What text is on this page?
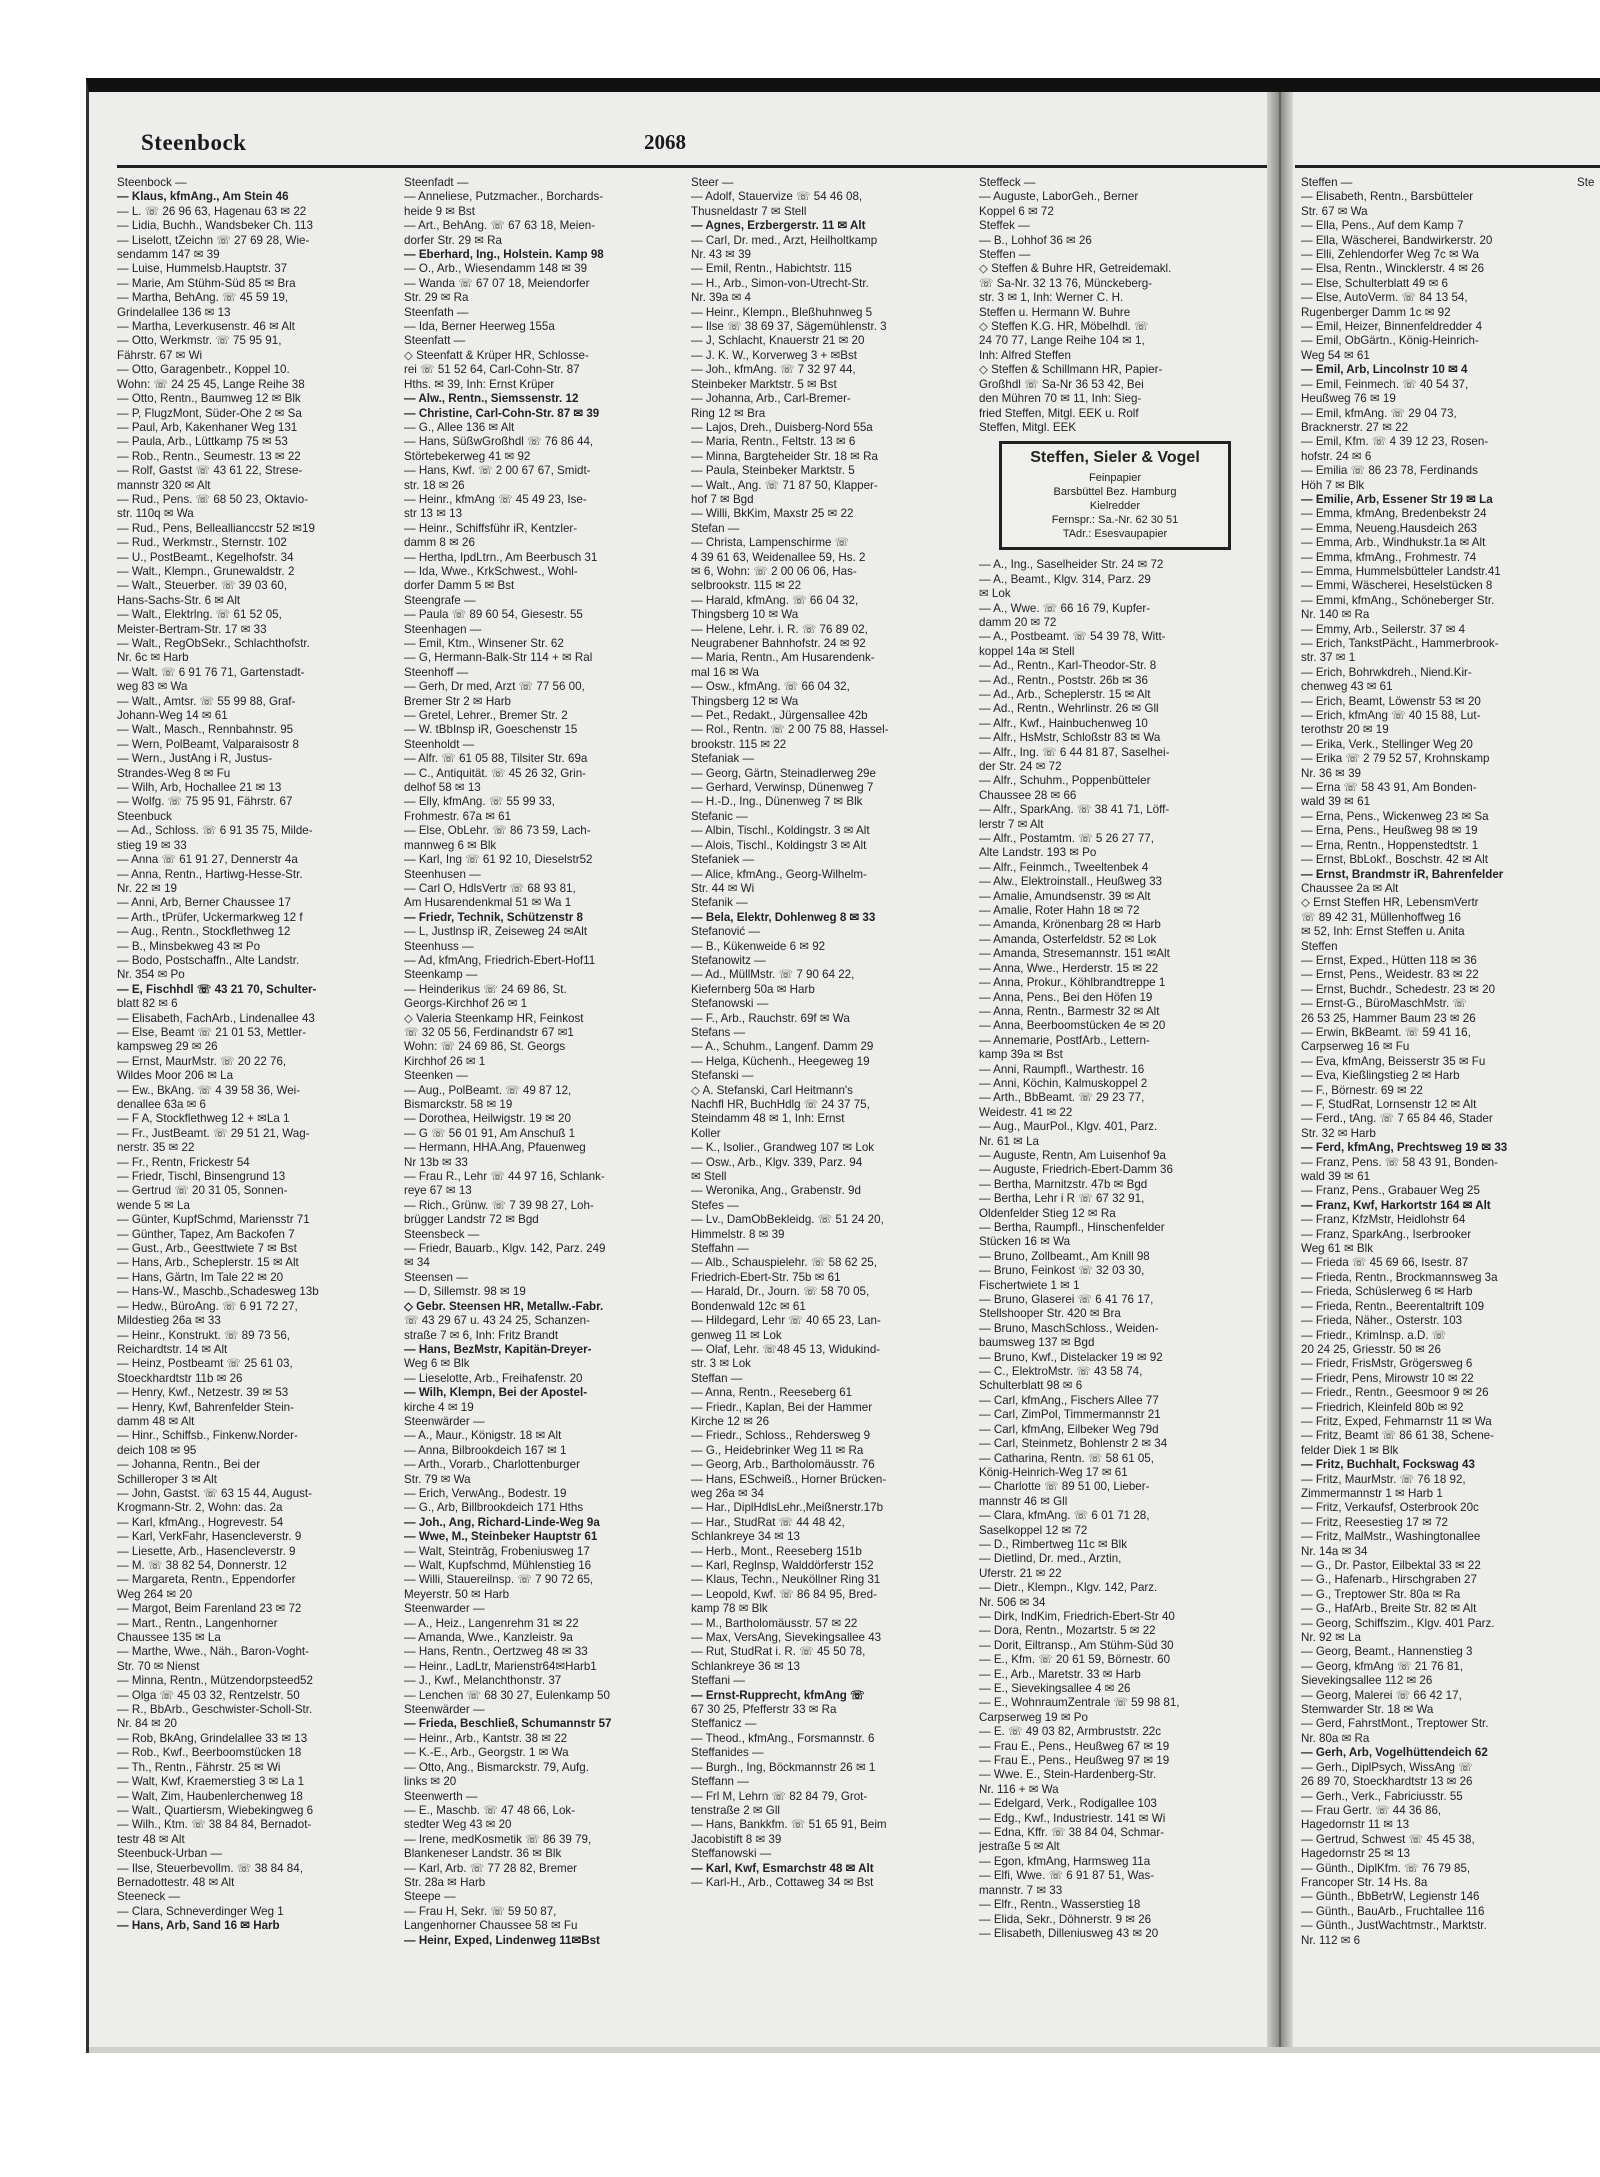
Steenbock	2068
Steenbock —
— Klaus, kfmAng., Am Stein 46
— L. ☏ 26 96 63, Hagenau 63 ✉ 22
— Lidia, Buchh., Wandsbeker Ch. 113
— Liselott, tZeichn ☏ 27 69 28, Wie-
sendamm 147 ✉ 39
— Luise, Hummelsb.Hauptstr. 37
— Marie, Am Stühm-Süd 85 ✉ Bra
— Martha, BehAng. ☏ 45 59 19,
Grindelallee 136 ✉ 13
— Martha, Leverkusenstr. 46 ✉ Alt
— Otto, Werkmstr. ☏ 75 95 91,
Fährstr. 67 ✉ Wi
— Otto, Garagenbetr., Koppel 10.
Wohn: ☏ 24 25 45, Lange Reihe 38
— Otto, Rentn., Baumweg 12 ✉ Blk
— P, FlugzMont, Süder-Ohe 2 ✉ Sa
— Paul, Arb, Kakenhaner Weg 131
— Paula, Arb., Lüttkamp 75 ✉ 53
— Rob., Rentn., Seumestr. 13 ✉ 22
— Rolf, Gastst ☏ 43 61 22, Strese-
mannstr 320 ✉ Alt
— Rud., Pens. ☏ 68 50 23, Oktavio-
str. 110q ✉ Wa
— Rud., Pens, Belleallianccstr 52 ✉19
— Rud., Werkmstr., Sternstr. 102
— U., PostBeamt., Kegelhofstr. 34
— Walt., Klempn., Grunewaldstr. 2
— Walt., Steuerber. ☏ 39 03 60,
Hans-Sachs-Str. 6 ✉ Alt
— Walt., Elektrlng. ☏ 61 52 05,
Meister-Bertram-Str. 17 ✉ 33
— Walt., RegObSekr., Schlachthofstr.
Nr. 6c ✉ Harb
— Walt. ☏ 6 91 76 71, Gartenstadt-
weg 83 ✉ Wa
— Walt., Amtsr. ☏ 55 99 88, Graf-
Johann-Weg 14 ✉ 61
— Walt., Masch., Rennbahnstr. 95
— Wern, PolBeamt, Valparaisostr 8
— Wern., JustAng i R, Justus-
Strandes-Weg 8 ✉ Fu
— Wilh, Arb, Hochallee 21 ✉ 13
— Wolfg. ☏ 75 95 91, Fährstr. 67
Steenbuck
— Ad., Schloss. ☏ 6 91 35 75, Milde-
stieg 19 ✉ 33
— Anna ☏ 61 91 27, Dennerstr 4a
— Anna, Rentn., Hartiwg-Hesse-Str.
Nr. 22 ✉ 19
— Anni, Arb, Berner Chaussee 17
— Arth., tPrüfer, Uckermarkweg 12 f
— Aug., Rentn., Stockflethweg 12
— B., Minsbekweg 43 ✉ Po
— Bodo, Postschaffn., Alte Landstr.
Nr. 354 ✉ Po
— E, Fischhdl ☏ 43 21 70, Schulter-
blatt 82 ✉ 6
— Elisabeth, FachArb., Lindenallee 43
— Else, Beamt ☏ 21 01 53, Mettler-
kampsweg 29 ✉ 26
— Ernst, MaurMstr. ☏ 20 22 76,
Wildes Moor 206 ✉ La
— Ew., BkAng. ☏ 4 39 58 36, Wei-
denallee 63a ✉ 6
— F A, Stockflethweg 12 + ✉La 1
— Fr., JustBeamt. ☏ 29 51 21, Wag-
nerstr. 35 ✉ 22
— Fr., Rentn, Frickestr 54
— Friedr, Tischl, Binsengrund 13
— Gertrud ☏ 20 31 05, Sonnen-
wende 5 ✉ La
— Günter, KupfSchmd, Mariensstr 71
— Günther, Tapez, Am Backofen 7
— Gust., Arb., Geesttwiete 7 ✉ Bst
— Hans, Arb., Scheplerstr. 15 ✉ Alt
— Hans, Gärtn, Im Tale 22 ✉ 20
— Hans-W., Maschb.,Schadesweg 13b
— Hedw., BüroAng. ☏ 6 91 72 27,
Mildestieg 26a ✉ 33
— Heinr., Konstrukt. ☏ 89 73 56,
Reichardtstr. 14 ✉ Alt
— Heinz, Postbeamt ☏ 25 61 03,
Stoeckhardtstr 11b ✉ 26
— Henry, Kwf., Netzestr. 39 ✉ 53
— Henry, Kwf, Bahrenfelder Stein-
damm 48 ✉ Alt
— Hinr., Schiffsb., Finkenw.Norder-
deich 108 ✉ 95
— Johanna, Rentn., Bei der
Schilleroper 3 ✉ Alt
— John, Gastst. ☏ 63 15 44, August-
Krogmann-Str. 2, Wohn: das. 2a
— Karl, kfmAng., Hogrevestr. 54
— Karl, VerkFahr, Hasencleverstr. 9
— Liesette, Arb., Hasencleverstr. 9
— M. ☏ 38 82 54, Donnerstr. 12
— Margareta, Rentn., Eppendorfer
Weg 264 ✉ 20
— Margot, Beim Farenland 23 ✉ 72
— Mart., Rentn., Langenhorner
Chaussee 135 ✉ La
— Marthe, Wwe., Näh., Baron-Voght-
Str. 70 ✉ Nienst
— Minna, Rentn., Mützendorpsteed52
— Olga ☏ 45 03 32, Rentzelstr. 50
— R., BbArb., Geschwister-Scholl-Str.
Nr. 84 ✉ 20
— Rob, BkAng, Grindelallee 33 ✉ 13
— Rob., Kwf., Beerboomstücken 18
— Th., Rentn., Fährstr. 25 ✉ Wi
— Walt, Kwf, Kraemerstieg 3 ✉ La 1
— Walt, Zim, Haubenlerchenweg 18
— Walt., Quartiersm, Wiebekingweg 6
— Wilh., Ktm. ☏ 38 84 84, Bernadot-
testr 48 ✉ Alt
Steenbuck-Urban —
— Ilse, Steuerbevollm. ☏ 38 84 84,
Bernadottestr. 48 ✉ Alt
Steeneck —
— Clara, Schneverdinger Weg 1
— Hans, Arb, Sand 16 ✉ Harb
Steenfadt —
— Anneliese, Putzmacher., Borchards-
heide 9 ✉ Bst
— Art., BehAng. ☏ 67 63 18, Meien-
dorfer Str. 29 ✉ Ra
— Eberhard, Ing., Holstein. Kamp 98
— O., Arb., Wiesendamm 148 ✉ 39
— Wanda ☏ 67 07 18, Meiendorfer
Str. 29 ✉ Ra
Steenfath —
— Ida, Berner Heerweg 155a
Steenfatt —
◇ Steenfatt & Krüper HR, Schlosse-
rei ☏ 51 52 64, Carl-Cohn-Str. 87
Hths. ✉ 39, Inh: Ernst Krüper
— Alw., Rentn., Siemssenstr. 12
— Christine, Carl-Cohn-Str. 87 ✉ 39
— G., Allee 136 ✉ Alt
— Hans, SüßwGroßhdl ☏ 76 86 44,
Störtebekerweg 41 ✉ 92
— Hans, Kwf. ☏ 2 00 67 67, Smidt-
str. 18 ✉ 26
— Heinr., kfmAng ☏ 45 49 23, Ise-
str 13 ✉ 13
— Heinr., Schiffsführ iR, Kentzler-
damm 8 ✉ 26
— Hertha, IpdLtrn., Am Beerbusch 31
— Ida, Wwe., KrkSchwest., Wohl-
dorfer Damm 5 ✉ Bst
Steengrafe —
— Paula ☏ 89 60 54, Giesestr. 55
Steenhagen —
— Emil, Ktm., Winsener Str. 62
— G, Hermann-Balk-Str 114 + ✉ Ral
Steenhoff —
— Gerh, Dr med, Arzt ☏ 77 56 00,
Bremer Str 2 ✉ Harb
— Gretel, Lehrer., Bremer Str. 2
— W. tBbInsp iR, Goeschenstr 15
Steenholdt —
— Alfr. ☏ 61 05 88, Tilsiter Str. 69a
— C., Antiquität. ☏ 45 26 32, Grin-
delhof 58 ✉ 13
— Elly, kfmAng. ☏ 55 99 33,
Frohmestr. 67a ✉ 61
— Else, ObLehr. ☏ 86 73 59, Lach-
mannweg 6 ✉ Blk
— Karl, Ing ☏ 61 92 10, Dieselstr52
Steenhusen —
— Carl O, HdlsVertr ☏ 68 93 81,
Am Husarendenkmal 51 ✉ Wa 1
— Friedr, Technik, Schützenstr 8
— L, Justlnsp iR, Zeiseweg 24 ✉Alt
Steenhuss —
— Ad, kfmAng, Friedrich-Ebert-Hof11
Steenkamp —
— Heinderikus ☏ 24 69 86, St.
Georgs-Kirchhof 26 ✉ 1
◇ Valeria Steenkamp HR, Feinkost
☏ 32 05 56, Ferdinandstr 67 ✉1
Wohn: ☏ 24 69 86, St. Georgs
Kirchhof 26 ✉ 1
Steenken —
— Aug., PolBeamt. ☏ 49 87 12,
Bismarckstr. 58 ✉ 19
— Dorothea, Heilwigstr. 19 ✉ 20
— G ☏ 56 01 91, Am Anschuß 1
— Hermann, HHA.Ang, Pfauenweg
Nr 13b ✉ 33
— Frau R., Lehr ☏ 44 97 16, Schlank-
reye 67 ✉ 13
— Rich., Grünw. ☏ 7 39 98 27, Loh-
brügger Landstr 72 ✉ Bgd
Steensbeck —
— Friedr, Bauarb., Klgv. 142, Parz. 249
✉ 34
Steensen —
— D, Sillemstr. 98 ✉ 19
◇ Gebr. Steensen HR, Metallw.-Fabr.
☏ 43 29 67 u. 43 24 25, Schanzen-
straße 7 ✉ 6, Inh: Fritz Brandt
— Hans, BezMstr, Kapitän-Dreyer-
Weg 6 ✉ Blk
— Lieselotte, Arb., Freihafenstr. 20
— Wilh, Klempn, Bei der Apostel-
kirche 4 ✉ 19
Steenwärder —
— A., Maur., Königstr. 18 ✉ Alt
— Anna, Bilbrookdeich 167 ✉ 1
— Arth., Vorarb., Charlottenburger
Str. 79 ✉ Wa
— Erich, VerwAng., Bodestr. 19
— G., Arb, Billbrookdeich 171 Hths
— Joh., Ang, Richard-Linde-Weg 9a
— Wwe, M., Steinbeker Hauptstr 61
— Walt, Steintrāg, Frobeniusweg 17
— Walt, Kupfschmd, Mühlenstieg 16
— Willi, Stauereilnsp. ☏ 7 90 72 65,
Meyerstr. 50 ✉ Harb
Steenwarder —
— A., Heiz., Langenrehm 31 ✉ 22
— Amanda, Wwe., Kanzleistr. 9a
— Hans, Rentn., Oertzweg 48 ✉ 33
— Heinr., LadLtr, Marienstr64✉Harb1
— J., Kwf., Melanchthonstr. 37
— Lenchen ☏ 68 30 27, Eulenkamp 50
Steenwärder —
— Frieda, Beschließ, Schumannstr 57
— Heinr., Arb., Kantstr. 38 ✉ 22
— K.-E., Arb., Georgstr. 1 ✉ Wa
— Otto, Ang., Bismarckstr. 79, Aufg.
links ✉ 20
Steenwerth —
— E., Maschb. ☏ 47 48 66, Lok-
stedter Weg 43 ✉ 20
— Irene, medKosmetik ☏ 86 39 79,
Blankeneser Landstr. 36 ✉ Blk
— Karl, Arb. ☏ 77 28 82, Bremer
Str. 28a ✉ Harb
Steepe —
— Frau H, Sekr. ☏ 59 50 87,
Langenhorner Chaussee 58 ✉ Fu
— Heinr, Exped, Lindenweg 11✉Bst
Steer —
— Adolf, Stauervize ☏ 54 46 08,
Thusneldastr 7 ✉ Stell
— Agnes, Erzbergerstr. 11 ✉ Alt
— Carl, Dr. med., Arzt, Heilholtkamp
Nr. 43 ✉ 39
— Emil, Rentn., Habichtstr. 115
— H., Arb., Simon-von-Utrecht-Str.
Nr. 39a ✉ 4
— Heinr., Klempn., Bleßhuhnweg 5
— Ilse ☏ 38 69 37, Sägemühlenstr. 3
— J, Schlacht, Knauerstr 21 ✉ 20
— J. K. W., Korverweg 3 + ✉Bst
— Joh., kfmAng. ☏ 7 32 97 44,
Steinbeker Marktstr. 5 ✉ Bst
— Johanna, Arb., Carl-Bremer-
Ring 12 ✉ Bra
— Lajos, Dreh., Duisberg-Nord 55a
— Maria, Rentn., Feltstr. 13 ✉ 6
— Minna, Bargteheider Str. 18 ✉ Ra
— Paula, Steinbeker Marktstr. 5
— Walt., Ang. ☏ 71 87 50, Klapper-
hof 7 ✉ Bgd
— Willi, BkKim, Maxstr 25 ✉ 22
Stefan —
— Christa, Lampenschirme ☏
4 39 61 63, Weidenallee 59, Hs. 2
✉ 6, Wohn: ☏ 2 00 06 06, Has-
selbrookstr. 115 ✉ 22
— Harald, kfmAng. ☏ 66 04 32,
Thingsberg 10 ✉ Wa
— Helene, Lehr. i. R. ☏ 76 89 02,
Neugrabener Bahnhofstr. 24 ✉ 92
— Maria, Rentn., Am Husarendenk-
mal 16 ✉ Wa
— Osw., kfmAng. ☏ 66 04 32,
Thingsberg 12 ✉ Wa
— Pet., Redakt., Jürgensallee 42b
— Rol., Rentn. ☏ 2 00 75 88, Hassel-
brookstr. 115 ✉ 22
Stefaniak —
— Georg, Gärtn, Steinadlerweg 29e
— Gerhard, Verwinsp, Dünenweg 7
— H.-D., Ing., Dünenweg 7 ✉ Blk
Stefanic —
— Albin, Tischl., Koldingstr. 3 ✉ Alt
— Alois, Tischl., Koldingstr 3 ✉ Alt
Stefaniek —
— Alice, kfmAng., Georg-Wilhelm-
Str. 44 ✉ Wi
Stefanik —
— Bela, Elektr, Dohlenweg 8 ✉ 33
Stefanović —
— B., Kükenweide 6 ✉ 92
Stefanowitz —
— Ad., MüllMstr. ☏ 7 90 64 22,
Kiefernberg 50a ✉ Harb
Stefanowski —
— F., Arb., Rauchstr. 69f ✉ Wa
Stefans —
— A., Schuhm., Langenf. Damm 29
— Helga, Küchenh., Heegeweg 19
Stefanski —
◇ A. Stefanski, Carl Heitmann's
Nachfl HR, BuchHdlg ☏ 24 37 75,
Steindamm 48 ✉ 1, Inh: Ernst
Koller
— K., Isolier., Grandweg 107 ✉ Lok
— Osw., Arb., Klgv. 339, Parz. 94
✉ Stell
— Weronika, Ang., Grabenstr. 9d
Stefes —
— Lv., DamObBekleidg. ☏ 51 24 20,
Himmelstr. 8 ✉ 39
Steffahn —
— Alb., Schauspielehr. ☏ 58 62 25,
Friedrich-Ebert-Str. 75b ✉ 61
— Harald, Dr., Journ. ☏ 58 70 05,
Bondenwald 12c ✉ 61
— Hildegard, Lehr ☏ 40 65 23, Lan-
genweg 11 ✉ Lok
— Olaf, Lehr. ☏48 45 13, Widukind-
str. 3 ✉ Lok
Steffan —
— Anna, Rentn., Reeseberg 61
— Friedr., Kaplan, Bei der Hammer
Kirche 12 ✉ 26
— Friedr., Schloss., Rehdersweg 9
— G., Heidebrinker Weg 11 ✉ Ra
— Georg, Arb., Bartholomäusstr. 76
— Hans, ESchweiß., Horner Brücken-
weg 26a ✉ 34
— Har., DiplHdlsLehr.,Meißnerstr.17b
— Har., StudRat ☏ 44 48 42,
Schlankreye 34 ✉ 13
— Herb., Mont., Reeseberg 151b
— Karl, Reglnsp, Walddörferstr 152
— Klaus, Techn., Neuköllner Ring 31
— Leopold, Kwf. ☏ 86 84 95, Bred-
kamp 78 ✉ Blk
— M., Bartholomäusstr. 57 ✉ 22
— Max, VersAng, Sievekingsallee 43
— Rut, StudRat i. R. ☏ 45 50 78,
Schlankreye 36 ✉ 13
Steffani —
— Ernst-Rupprecht, kfmAng ☏
67 30 25, Pfefferstr 33 ✉ Ra
Steffanicz —
— Theod., kfmAng., Forsmannstr. 6
Steffanides —
— Burgh., Ing, Böckmannstr 26 ✉ 1
Steffann —
— Frl M, Lehrn ☏ 82 84 79, Grot-
tenstraße 2 ✉ Gll
— Hans, Bankkfm. ☏ 51 65 91, Beim
Jacobistift 8 ✉ 39
Steffanowski —
— Karl, Kwf, Esmarchstr 48 ✉ Alt
— Karl-H., Arb., Cottaweg 34 ✉ Bst
Steffeck —
— Auguste, LaborGeh., Berner
Koppel 6 ✉ 72
Steffek —
— B., Lohhof 36 ✉ 26
Steffen —
◇ Steffen & Buhre HR, Getreidemakl.
☏ Sa-Nr. 32 13 76, Münckeberg-
str. 3 ✉ 1, Inh: Werner C. H.
Steffen u. Hermann W. Buhre
◇ Steffen K.G. HR, Möbelhdl. ☏
24 70 77, Lange Reihe 104 ✉ 1,
Inh: Alfred Steffen
◇ Steffen & Schillmann HR, Papier-
Großhdl ☏ Sa-Nr 36 53 42, Bei
den Mühren 70 ✉ 11, Inh: Sieg-
fried Steffen, Mitgl. EEK u. Rolf
Steffen, Mitgl. EEK
Steffen, Sieler & Vogel
Feinpapier
Barsbüttel Bez. Hamburg
Kielredder
Fernspr.: Sa.-Nr. 62 30 51
TAdr.: Esesvaupapier
— A., Ing., Saselheider Str. 24 ✉ 72
— A., Beamt., Klgv. 314, Parz. 29
✉ Lok
— A., Wwe. ☏ 66 16 79, Kupfer-
damm 20 ✉ 72
— A., Postbeamt. ☏ 54 39 78, Witt-
koppel 14a ✉ Stell
— Ad., Rentn., Karl-Theodor-Str. 8
— Ad., Rentn., Poststr. 26b ✉ 36
— Ad., Arb., Scheplerstr. 15 ✉ Alt
— Ad., Rentn., Wehrlinstr. 26 ✉ Gll
— Alfr., Kwf., Hainbuchenweg 10
— Alfr., HsMstr, Schloßstr 83 ✉ Wa
— Alfr., Ing. ☏ 6 44 81 87, Saselhei-
der Str. 24 ✉ 72
— Alfr., Schuhm., Poppenbütteler
Chaussee 28 ✉ 66
— Alfr., SparkAng. ☏ 38 41 71, Löff-
lerstr 7 ✉ Alt
— Alfr., Postamtm. ☏ 5 26 27 77,
Alte Landstr. 193 ✉ Po
— Alfr., Feinmch., Tweeltenbek 4
— Alw., Elektroinstall., Heußweg 33
— Amalie, Amundsenstr. 39 ✉ Alt
— Amalie, Roter Hahn 18 ✉ 72
— Amanda, Krönenbarg 28 ✉ Harb
— Amanda, Osterfeldstr. 52 ✉ Lok
— Amanda, Stresemannstr. 151 ✉Alt
— Anna, Wwe., Herderstr. 15 ✉ 22
— Anna, Prokur., Köhlbrandtreppe 1
— Anna, Pens., Bei den Höfen 19
— Anna, Rentn., Barmestr 32 ✉ Alt
— Anna, Beerboomstücken 4e ✉ 20
— Annemarie, PostfArb., Lettern-
kamp 39a ✉ Bst
— Anni, Raumpfl., Warthestr. 16
— Anni, Köchin, Kalmuskoppel 2
— Arth., BbBeamt. ☏ 29 23 77,
Weidestr. 41 ✉ 22
— Aug., MaurPol., Klgv. 401, Parz.
Nr. 61 ✉ La
— Auguste, Rentn, Am Luisenhof 9a
— Auguste, Friedrich-Ebert-Damm 36
— Bertha, Marnitzstr. 47b ✉ Bgd
— Bertha, Lehr i R ☏ 67 32 91,
Oldenfelder Stieg 12 ✉ Ra
— Bertha, Raumpfl., Hinschenfelder
Stücken 16 ✉ Wa
— Bruno, Zollbeamt., Am Knill 98
— Bruno, Feinkost ☏ 32 03 30,
Fischertwiete 1 ✉ 1
— Bruno, Glaserei ☏ 6 41 76 17,
Stellshooper Str. 420 ✉ Bra
— Bruno, MaschSchloss., Weiden-
baumsweg 137 ✉ Bgd
— Bruno, Kwf., Distelacker 19 ✉ 92
— C., ElektroMstr. ☏ 43 58 74,
Schulterblatt 98 ✉ 6
— Carl, kfmAng., Fischers Allee 77
— Carl, ZimPol, Timmermannstr 21
— Carl, kfmAng, Eilbeker Weg 79d
— Carl, Steinmetz, Bohlenstr 2 ✉ 34
— Catharina, Rentn. ☏ 58 61 05,
König-Heinrich-Weg 17 ✉ 61
— Charlotte ☏ 89 51 00, Lieber-
mannstr 46 ✉ Gll
— Clara, kfmAng. ☏ 6 01 71 28,
Saselkoppel 12 ✉ 72
— D., Rimbertweg 11c ✉ Blk
— Dietlind, Dr. med., Arztin,
Uferstr. 21 ✉ 22
— Dietr., Klempn., Klgv. 142, Parz.
Nr. 506 ✉ 34
— Dirk, IndKim, Friedrich-Ebert-Str 40
— Dora, Rentn., Mozartstr. 5 ✉ 22
— Dorit, Eiltransp., Am Stühm-Süd 30
— E., Kfm. ☏ 20 61 59, Börnestr. 60
— E., Arb., Maretstr. 33 ✉ Harb
— E., Sievekingsallee 4 ✉ 26
— E., WohnraumZentrale ☏ 59 98 81,
Carpserweg 19 ✉ Po
— E. ☏ 49 03 82, Armbruststr. 22c
— Frau E., Pens., Heußweg 67 ✉ 19
— Frau E., Pens., Heußweg 97 ✉ 19
— Wwe. E., Stein-Hardenberg-Str.
Nr. 116 + ✉ Wa
— Edelgard, Verk., Rodigallee 103
— Edg., Kwf., Industriestr. 141 ✉ Wi
— Edna, Kffr. ☏ 38 84 04, Schmar-
jestraße 5 ✉ Alt
— Egon, kfmAng, Harmsweg 11a
— Elfi, Wwe. ☏ 6 91 87 51, Was-
mannstr. 7 ✉ 33
— Elfr., Rentn., Wasserstieg 18
— Elida, Sekr., Döhnerstr. 9 ✉ 26
— Elisabeth, Dilleniusweg 43 ✉ 20
Steffen —
— Elisabeth, Rentn., Barsbütteler
Str. 67 ✉ Wa
— Ella, Pens., Auf dem Kamp 7
— Ella, Wäscherei, Bandwirkerstr. 20
— Elli, Zehlendorfer Weg 7c ✉ Wa
— Elsa, Rentn., Wincklerstr. 4 ✉ 26
— Else, Schulterblatt 49 ✉ 6
— Else, AutoVerm. ☏ 84 13 54,
Rugenberger Damm 1c ✉ 92
— Emil, Heizer, Binnenfeldredder 4
— Emil, ObGärtn., König-Heinrich-
Weg 54 ✉ 61
— Emil, Arb, Lincolnstr 10 ✉ 4
— Emil, Feinmech. ☏ 40 54 37,
Heußweg 76 ✉ 19
— Emil, kfmAng. ☏ 29 04 73,
Bracknerstr. 27 ✉ 22
— Emil, Kfm. ☏ 4 39 12 23, Rosen-
hofstr. 24 ✉ 6
— Emilia ☏ 86 23 78, Ferdinands
Höh 7 ✉ Blk
— Emilie, Arb, Essener Str 19 ✉ La
— Emma, kfmAng, Bredenbekstr 24
— Emma, Neueng.Hausdeich 263
— Emma, Arb., Windhukstr.1a ✉ Alt
— Emma, kfmAng., Frohmestr. 74
— Emma, Hummelsbütteler Landstr.41
— Emmi, Wäscherei, Heselstücken 8
— Emmi, kfmAng., Schöneberger Str.
Nr. 140 ✉ Ra
— Emmy, Arb., Seilerstr. 37 ✉ 4
— Erich, TankstPächt., Hammerbrook-
str. 37 ✉ 1
— Erich, Bohrwkdreh., Niend.Kir-
chenweg 43 ✉ 61
— Erich, Beamt, Löwenstr 53 ✉ 20
— Erich, kfmAng ☏ 40 15 88, Lut-
terothstr 20 ✉ 19
— Erika, Verk., Stellinger Weg 20
— Erika ☏ 2 79 52 57, Krohnskamp
Nr. 36 ✉ 39
— Erna ☏ 58 43 91, Am Bonden-
wald 39 ✉ 61
— Erna, Pens., Wickenweg 23 ✉ Sa
— Erna, Pens., Heußweg 98 ✉ 19
— Erna, Rentn., Hoppenstedtstr. 1
— Ernst, BbLokf., Boschstr. 42 ✉ Alt
— Ernst, Brandmstr iR, Bahrenfelder
Chaussee 2a ✉ Alt
◇ Ernst Steffen HR, LebensmVertr
☏ 89 42 31, Müllenhoffweg 16
✉ 52, Inh: Ernst Steffen u. Anita
Steffen
— Ernst, Exped., Hütten 118 ✉ 36
— Ernst, Pens., Weidestr. 83 ✉ 22
— Ernst, Buchdr., Schedestr. 23 ✉ 20
— Ernst-G., BüroMaschMstr. ☏
26 53 25, Hammer Baum 23 ✉ 26
— Erwin, BkBeamt. ☏ 59 41 16,
Carpserweg 16 ✉ Fu
— Eva, kfmAng, Beisserstr 35 ✉ Fu
— Eva, Kießlingstieg 2 ✉ Harb
— F., Börnestr. 69 ✉ 22
— F, StudRat, Lornsenstr 12 ✉ Alt
— Ferd., tAng. ☏ 7 65 84 46, Stader
Str. 32 ✉ Harb
— Ferd, kfmAng, Prechtsweg 19 ✉ 33
— Franz, Pens. ☏ 58 43 91, Bonden-
wald 39 ✉ 61
— Franz, Pens., Grabauer Weg 25
— Franz, Kwf, Harkortstr 164 ✉ Alt
— Franz, KfzMstr, Heidlohstr 64
— Franz, SparkAng., Iserbrooker
Weg 61 ✉ Blk
— Frieda ☏ 45 69 66, Isestr. 87
— Frieda, Rentn., Brockmannsweg 3a
— Frieda, Schüslerweg 6 ✉ Harb
— Frieda, Rentn., Beerentaltrift 109
— Frieda, Näher., Osterstr. 103
— Friedr., KrimInsp. a.D. ☏
20 24 25, Griesstr. 50 ✉ 26
— Friedr, FrisMstr, Grögersweg 6
— Friedr, Pens, Mirowstr 10 ✉ 22
— Friedr., Rentn., Geesmoor 9 ✉ 26
— Friedrich, Kleinfeld 80b ✉ 92
— Fritz, Exped, Fehmarnstr 11 ✉ Wa
— Fritz, Beamt ☏ 86 61 38, Schene-
felder Diek 1 ✉ Blk
— Fritz, Buchhalt, Fockswag 43
— Fritz, MaurMstr. ☏ 76 18 92,
Zimmermannstr 1 ✉ Harb 1
— Fritz, Verkaufsf, Osterbrook 20c
— Fritz, Reesestieg 17 ✉ 72
— Fritz, MalMstr., Washingtonallee
Nr. 14a ✉ 34
— G., Dr. Pastor, Eilbektal 33 ✉ 22
— G., Hafenarb., Hirschgraben 27
— G., Treptower Str. 80a ✉ Ra
— G., HafArb., Breite Str. 82 ✉ Alt
— Georg, Schiffszim., Klgv. 401 Parz.
Nr. 92 ✉ La
— Georg, Beamt., Hannenstieg 3
— Georg, kfmAng ☏ 21 76 81,
Sievekingsallee 112 ✉ 26
— Georg, Malerei ☏ 66 42 17,
Stemwarder Str. 18 ✉ Wa
— Gerd, FahrstMont., Treptower Str.
Nr. 80a ✉ Ra
— Gerh, Arb, Vogelhüttendeich 62
— Gerh., DiplPsych, WissAng ☏
26 89 70, Stoeckhardtstr 13 ✉ 26
— Gerh., Verk., Fabriciusstr. 55
— Frau Gertr. ☏ 44 36 86,
Hagedornstr 11 ✉ 13
— Gertrud, Schwest ☏ 45 45 38,
Hagedornstr 25 ✉ 13
— Günth., DiplKfm. ☏ 76 79 85,
Francoper Str. 14 Hs. 8a
— Günth., BbBetrW, Legienstr 146
— Günth., BauArb., Fruchtallee 116
— Günth., JustWachtmstr., Marktstr.
Nr. 112 ✉ 6
Ste
